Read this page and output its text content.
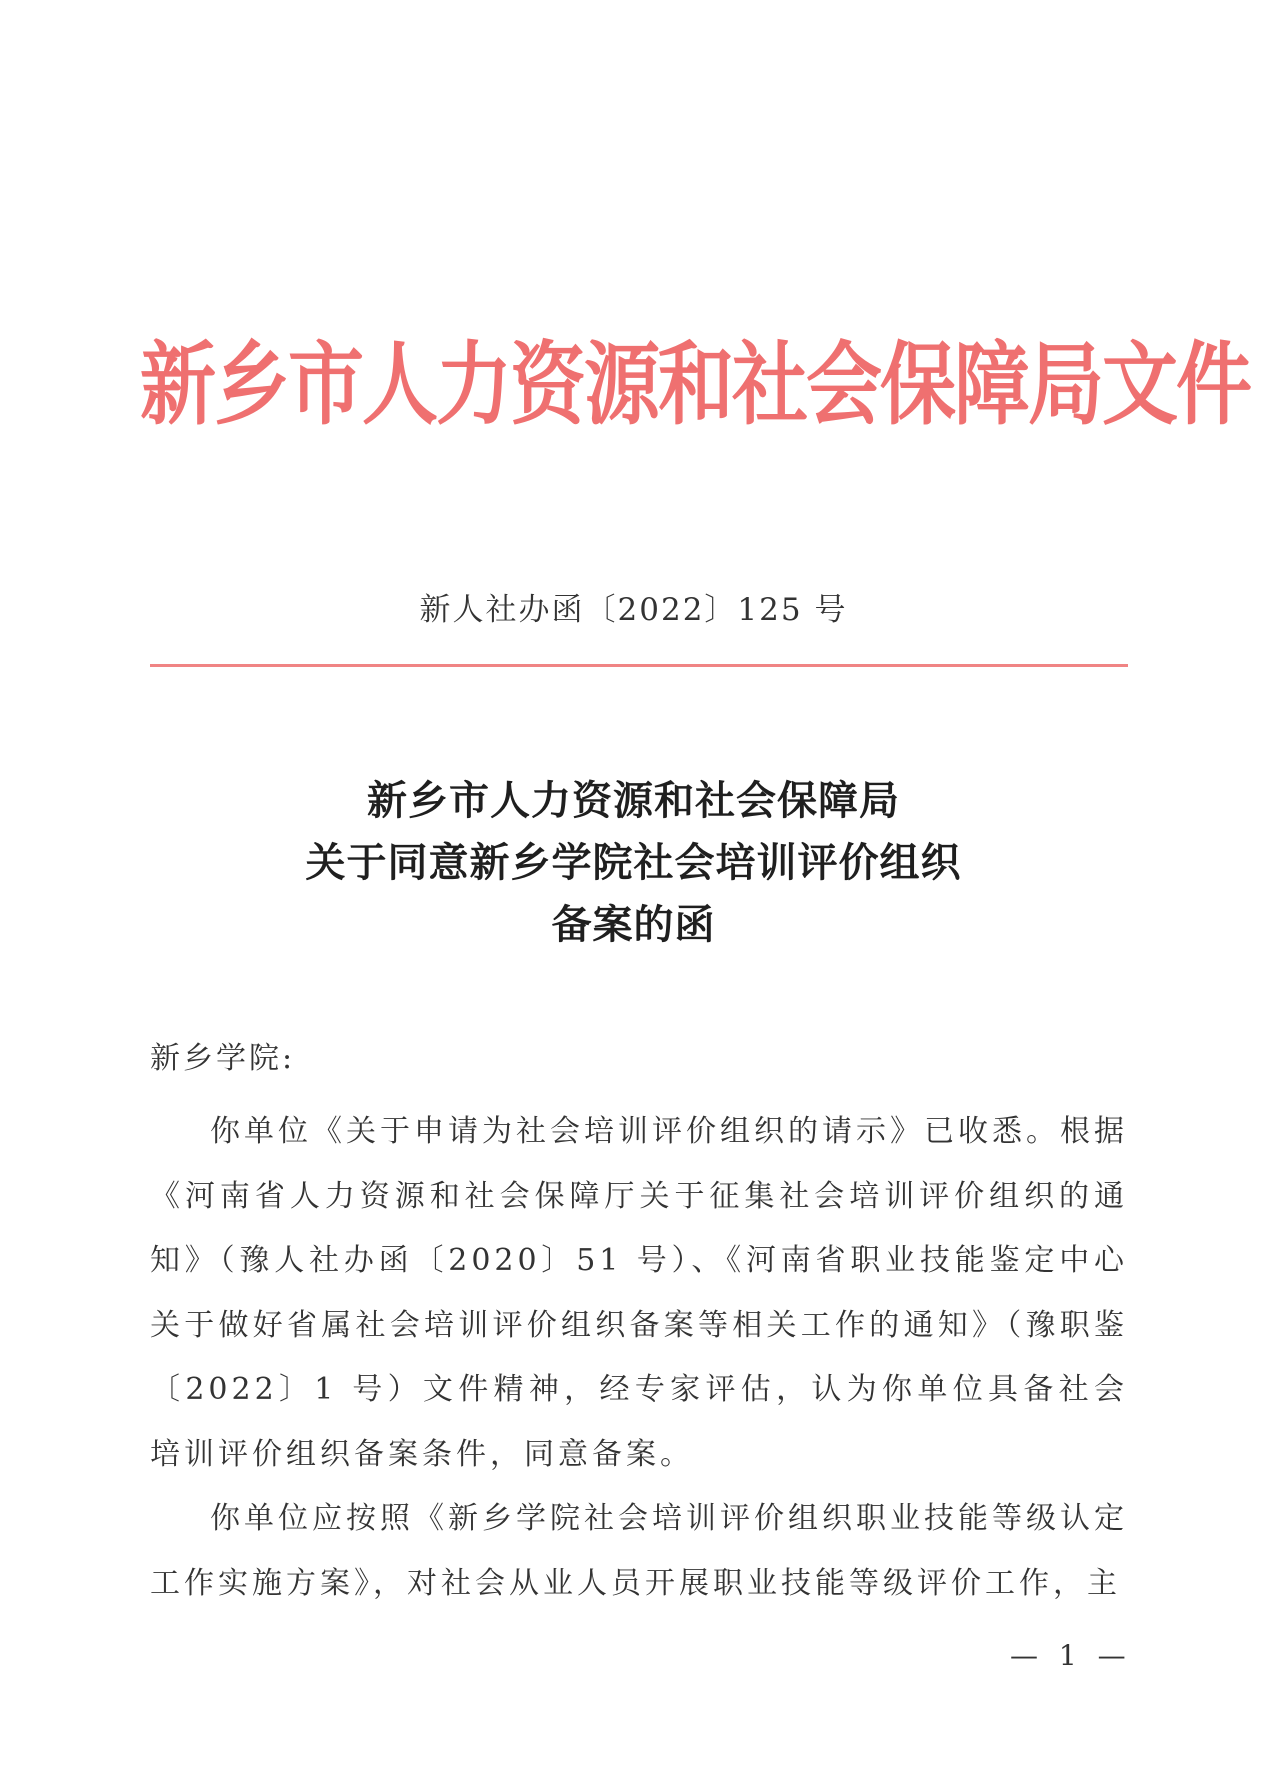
新乡市人力资源和社会保障局文件
新人社办函〔2022〕125 号
新乡市人力资源和社会保障局
关于同意新乡学院社会培训评价组织
备案的函
新乡学院:

你单位《关于申请为社会培训评价组织的请示》已收悉。根据《河南省人力资源和社会保障厅关于征集社会培训评价组织的通知》（豫人社办函〔2020〕51 号）、《河南省职业技能鉴定中心关于做好省属社会培训评价组织备案等相关工作的通知》（豫职鉴〔2022〕1 号）文件精神，经专家评估，认为你单位具备社会培训评价组织备案条件，同意备案。

你单位应按照《新乡学院社会培训评价组织职业技能等级认定工作实施方案》，对社会从业人员开展职业技能等级评价工作，主

— 1 —
